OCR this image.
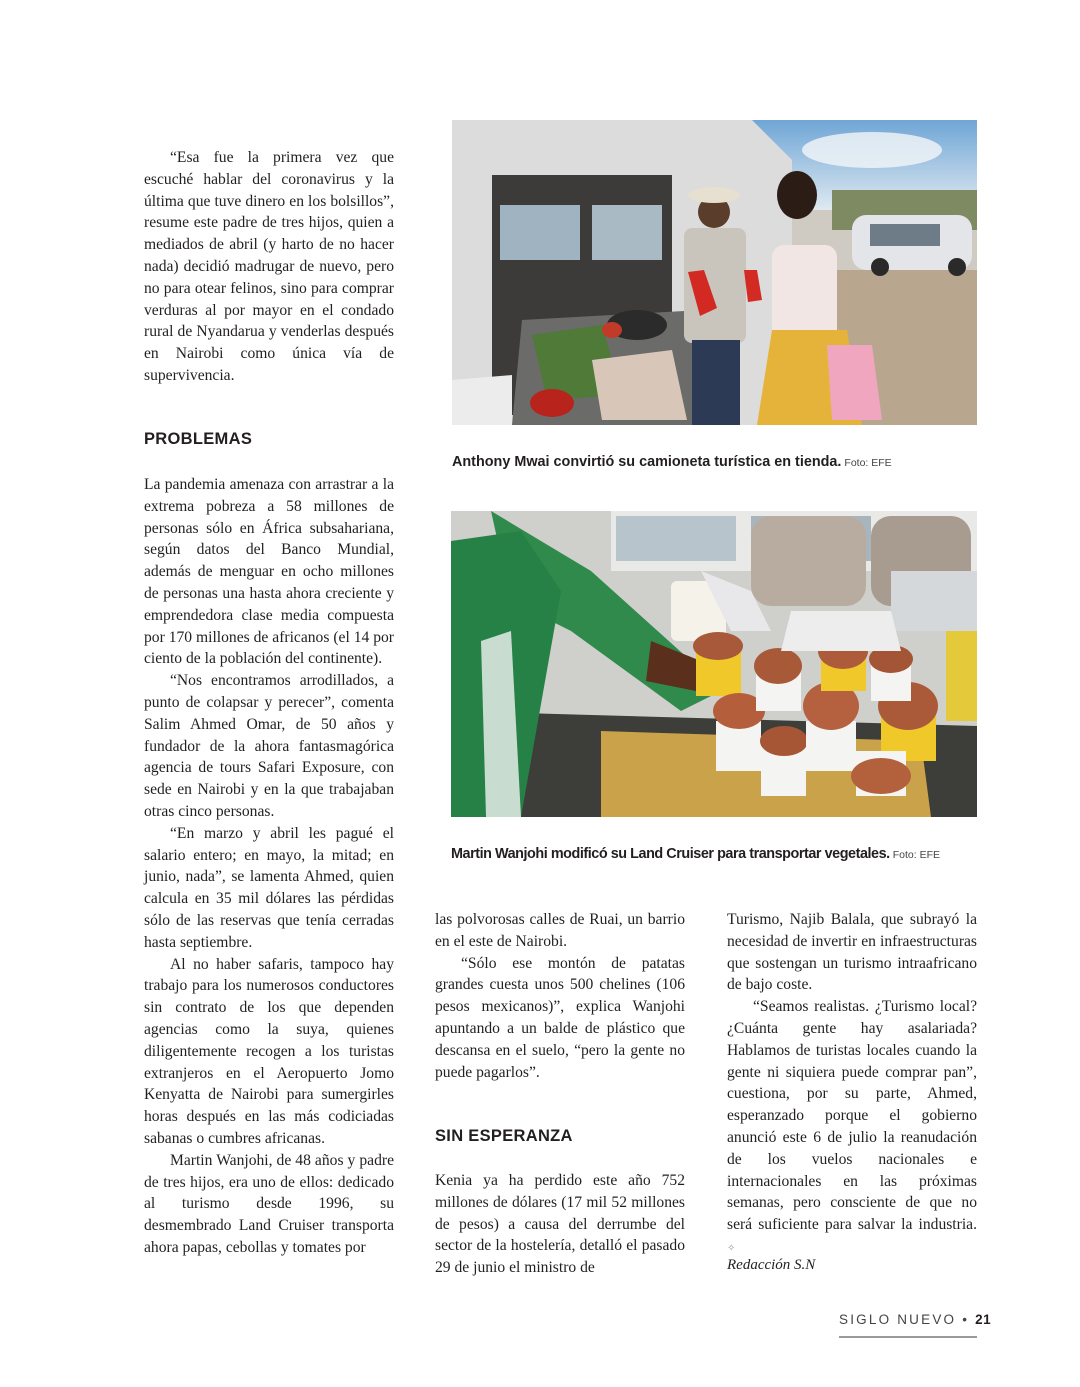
“Esa fue la primera vez que escuché hablar del coronavirus y la última que tuve dinero en los bolsillos”, resume este padre de tres hijos, quien a mediados de abril (y harto de no hacer nada) decidió madrugar de nuevo, pero no para otear felinos, sino para comprar verduras al por mayor en el condado rural de Nyandarua y venderlas después en Nairobi como única vía de supervivencia.

PROBLEMAS

La pandemia amenaza con arrastrar a la extrema pobreza a 58 millones de personas sólo en África subsahariana, según datos del Banco Mundial, además de menguar en ocho millones de personas una hasta ahora creciente y emprendedora clase media compuesta por 170 millones de africanos (el 14 por ciento de la población del continente).

“Nos encontramos arrodillados, a punto de colapsar y perecer”, comenta Salim Ahmed Omar, de 50 años y fundador de la ahora fantasmagórica agencia de tours Safari Exposure, con sede en Nairobi y en la que trabajaban otras cinco personas.

“En marzo y abril les pagué el salario entero; en mayo, la mitad; en junio, nada”, se lamenta Ahmed, quien calcula en 35 mil dólares las pérdidas sólo de las reservas que tenía cerradas hasta septiembre.

Al no haber safaris, tampoco hay trabajo para los numerosos conductores sin contrato de los que dependen agencias como la suya, quienes diligentemente recogen a los turistas extranjeros en el Aeropuerto Jomo Kenyatta de Nairobi para sumergirles horas después en las más codiciadas sabanas o cumbres africanas.

Martin Wanjohi, de 48 años y padre de tres hijos, era uno de ellos: dedicado al turismo desde 1996, su desmembrado Land Cruiser transporta ahora papas, cebollas y tomates por

las polvorosas calles de Ruai, un barrio en el este de Nairobi.

“Sólo ese montón de patatas grandes cuesta unos 500 chelines (106 pesos mexicanos)”, explica Wanjohi apuntando a un balde de plástico que descansa en el suelo, “pero la gente no puede pagarlos”.

SIN ESPERANZA

Kenia ya ha perdido este año 752 millones de dólares (17 mil 52 millones de pesos) a causa del derrumbe del sector de la hostelería, detalló el pasado 29 de junio el ministro de

Turismo, Najib Balala, que subrayó la necesidad de invertir en infraestructuras que sostengan un turismo intraafricano de bajo coste.

“Seamos realistas. ¿Turismo local? ¿Cuánta gente hay asalariada? Hablamos de turistas locales cuando la gente ni siquiera puede comprar pan”, cuestiona, por su parte, Ahmed, esperanzado porque el gobierno anunció este 6 de julio la reanudación de los vuelos nacionales e internacionales en las próximas semanas, pero consciente de que no será suficiente para salvar la industria. ✧

Redacción S.N
Anthony Mwai convirtió su camioneta turística en tienda. Foto: EFE
Martin Wanjohi modificó su Land Cruiser para transportar vegetales. Foto: EFE
SIGLO NUEVO • 21
